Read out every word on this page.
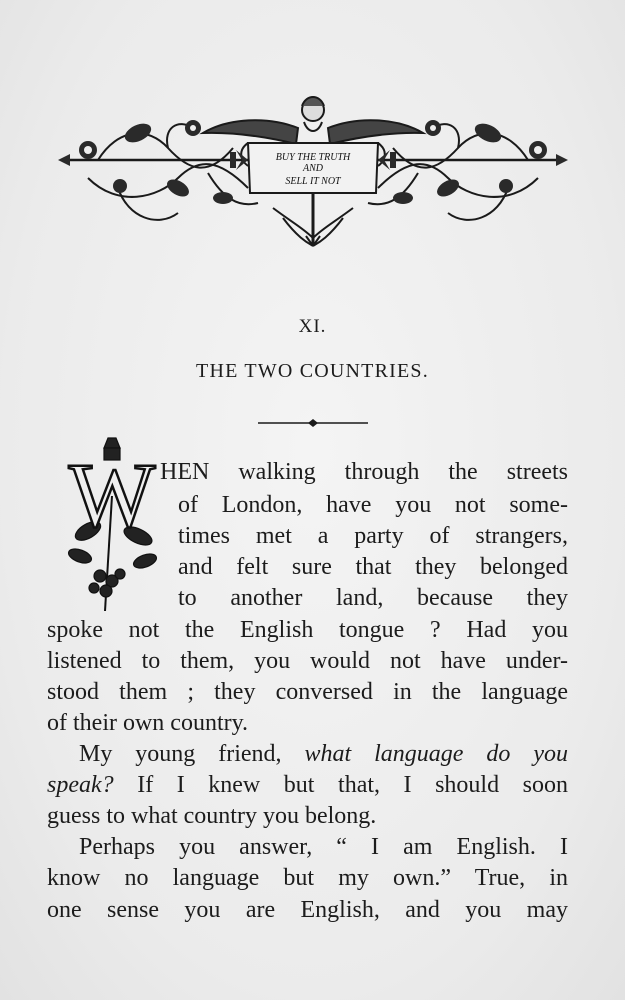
BUY THE TRUTH
AND
SELL IT NOT
XI.
THE TWO COUNTRIES.
W HEN walking through the streets
of London, have you not some-
times met a party of strangers,
and felt sure that they belonged
to another land, because they
spoke not the English tongue ? Had you
listened to them, you would not have under-
stood them ; they conversed in the language
of their own country.
My young friend, what language do you
speak? If I knew but that, I should soon
guess to what country you belong.
Perhaps you answer, “ I am English. I
know no language but my own.” True, in
one sense you are English, and you may
